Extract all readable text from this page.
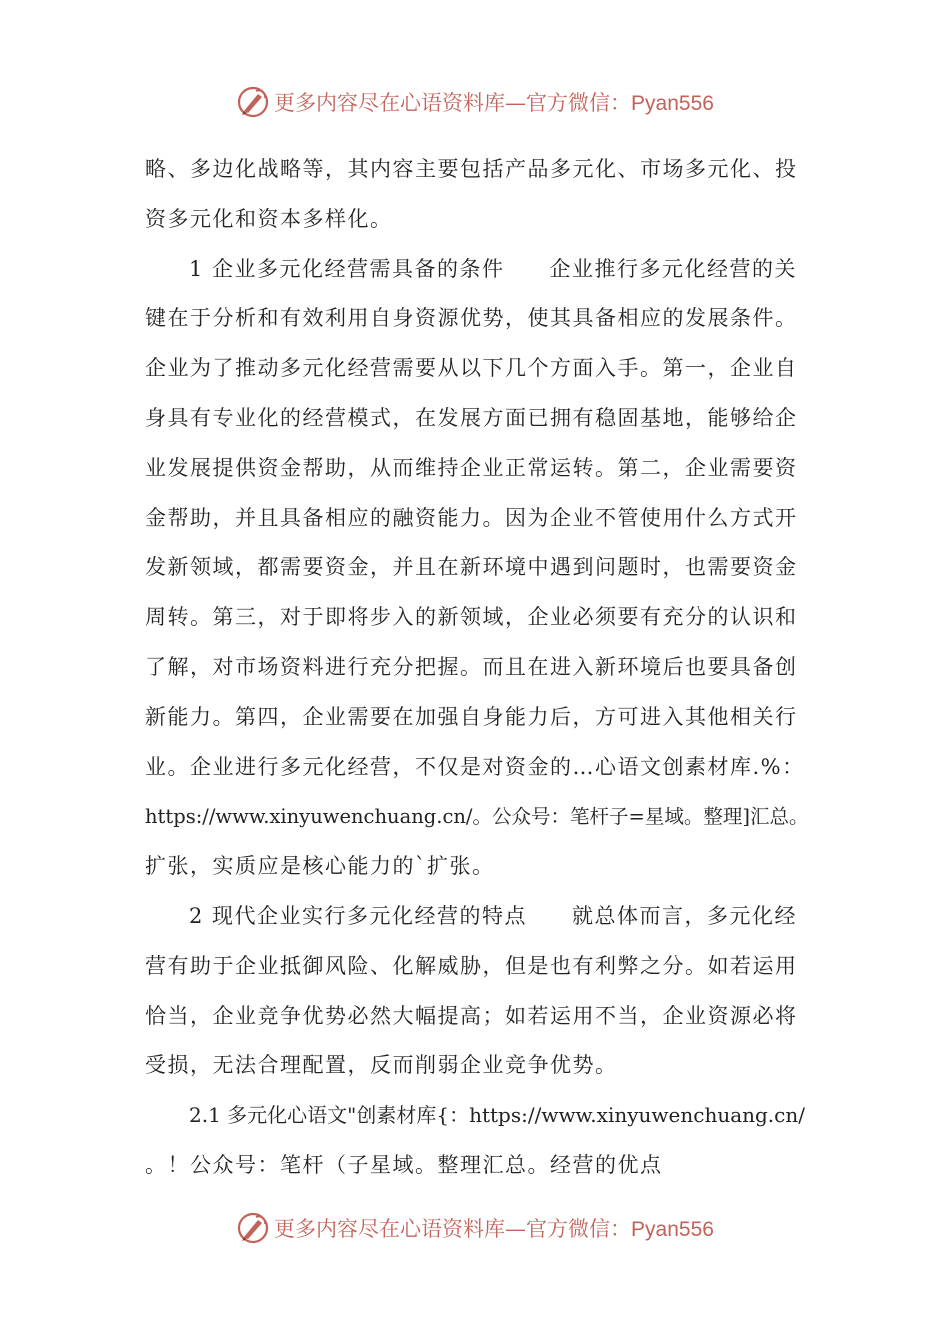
更多内容尽在心语资料库—官方微信：Pyan556
略、多边化战略等，其内容主要包括产品多元化、市场多元化、投
资多元化和资本多样化。
1 企业多元化经营需具备的条件　　企业推行多元化经营的关
键在于分析和有效利用自身资源优势，使其具备相应的发展条件。
企业为了推动多元化经营需要从以下几个方面入手。第一，企业自
身具有专业化的经营模式，在发展方面已拥有稳固基地，能够给企
业发展提供资金帮助，从而维持企业正常运转。第二，企业需要资
金帮助，并且具备相应的融资能力。因为企业不管使用什么方式开
发新领域，都需要资金，并且在新环境中遇到问题时，也需要资金
周转。第三，对于即将步入的新领域，企业必须要有充分的认识和
了解，对市场资料进行充分把握。而且在进入新环境后也要具备创
新能力。第四，企业需要在加强自身能力后，方可进入其他相关行
业。企业进行多元化经营，不仅是对资金的…心语文创素材库.%：
https://www.xinyuwenchuang.cn/。公众号：笔杆子=星域。整理]汇总。
扩张，实质应是核心能力的`扩张。
2 现代企业实行多元化经营的特点　　就总体而言，多元化经
营有助于企业抵御风险、化解威胁，但是也有利弊之分。如若运用
恰当，企业竞争优势必然大幅提高；如若运用不当，企业资源必将
受损，无法合理配置，反而削弱企业竞争优势。
2.1 多元化心语文"创素材库{：https://www.xinyuwenchuang.cn/
。！公众号：笔杆（子星域。整理汇总。经营的优点
更多内容尽在心语资料库—官方微信：Pyan556
